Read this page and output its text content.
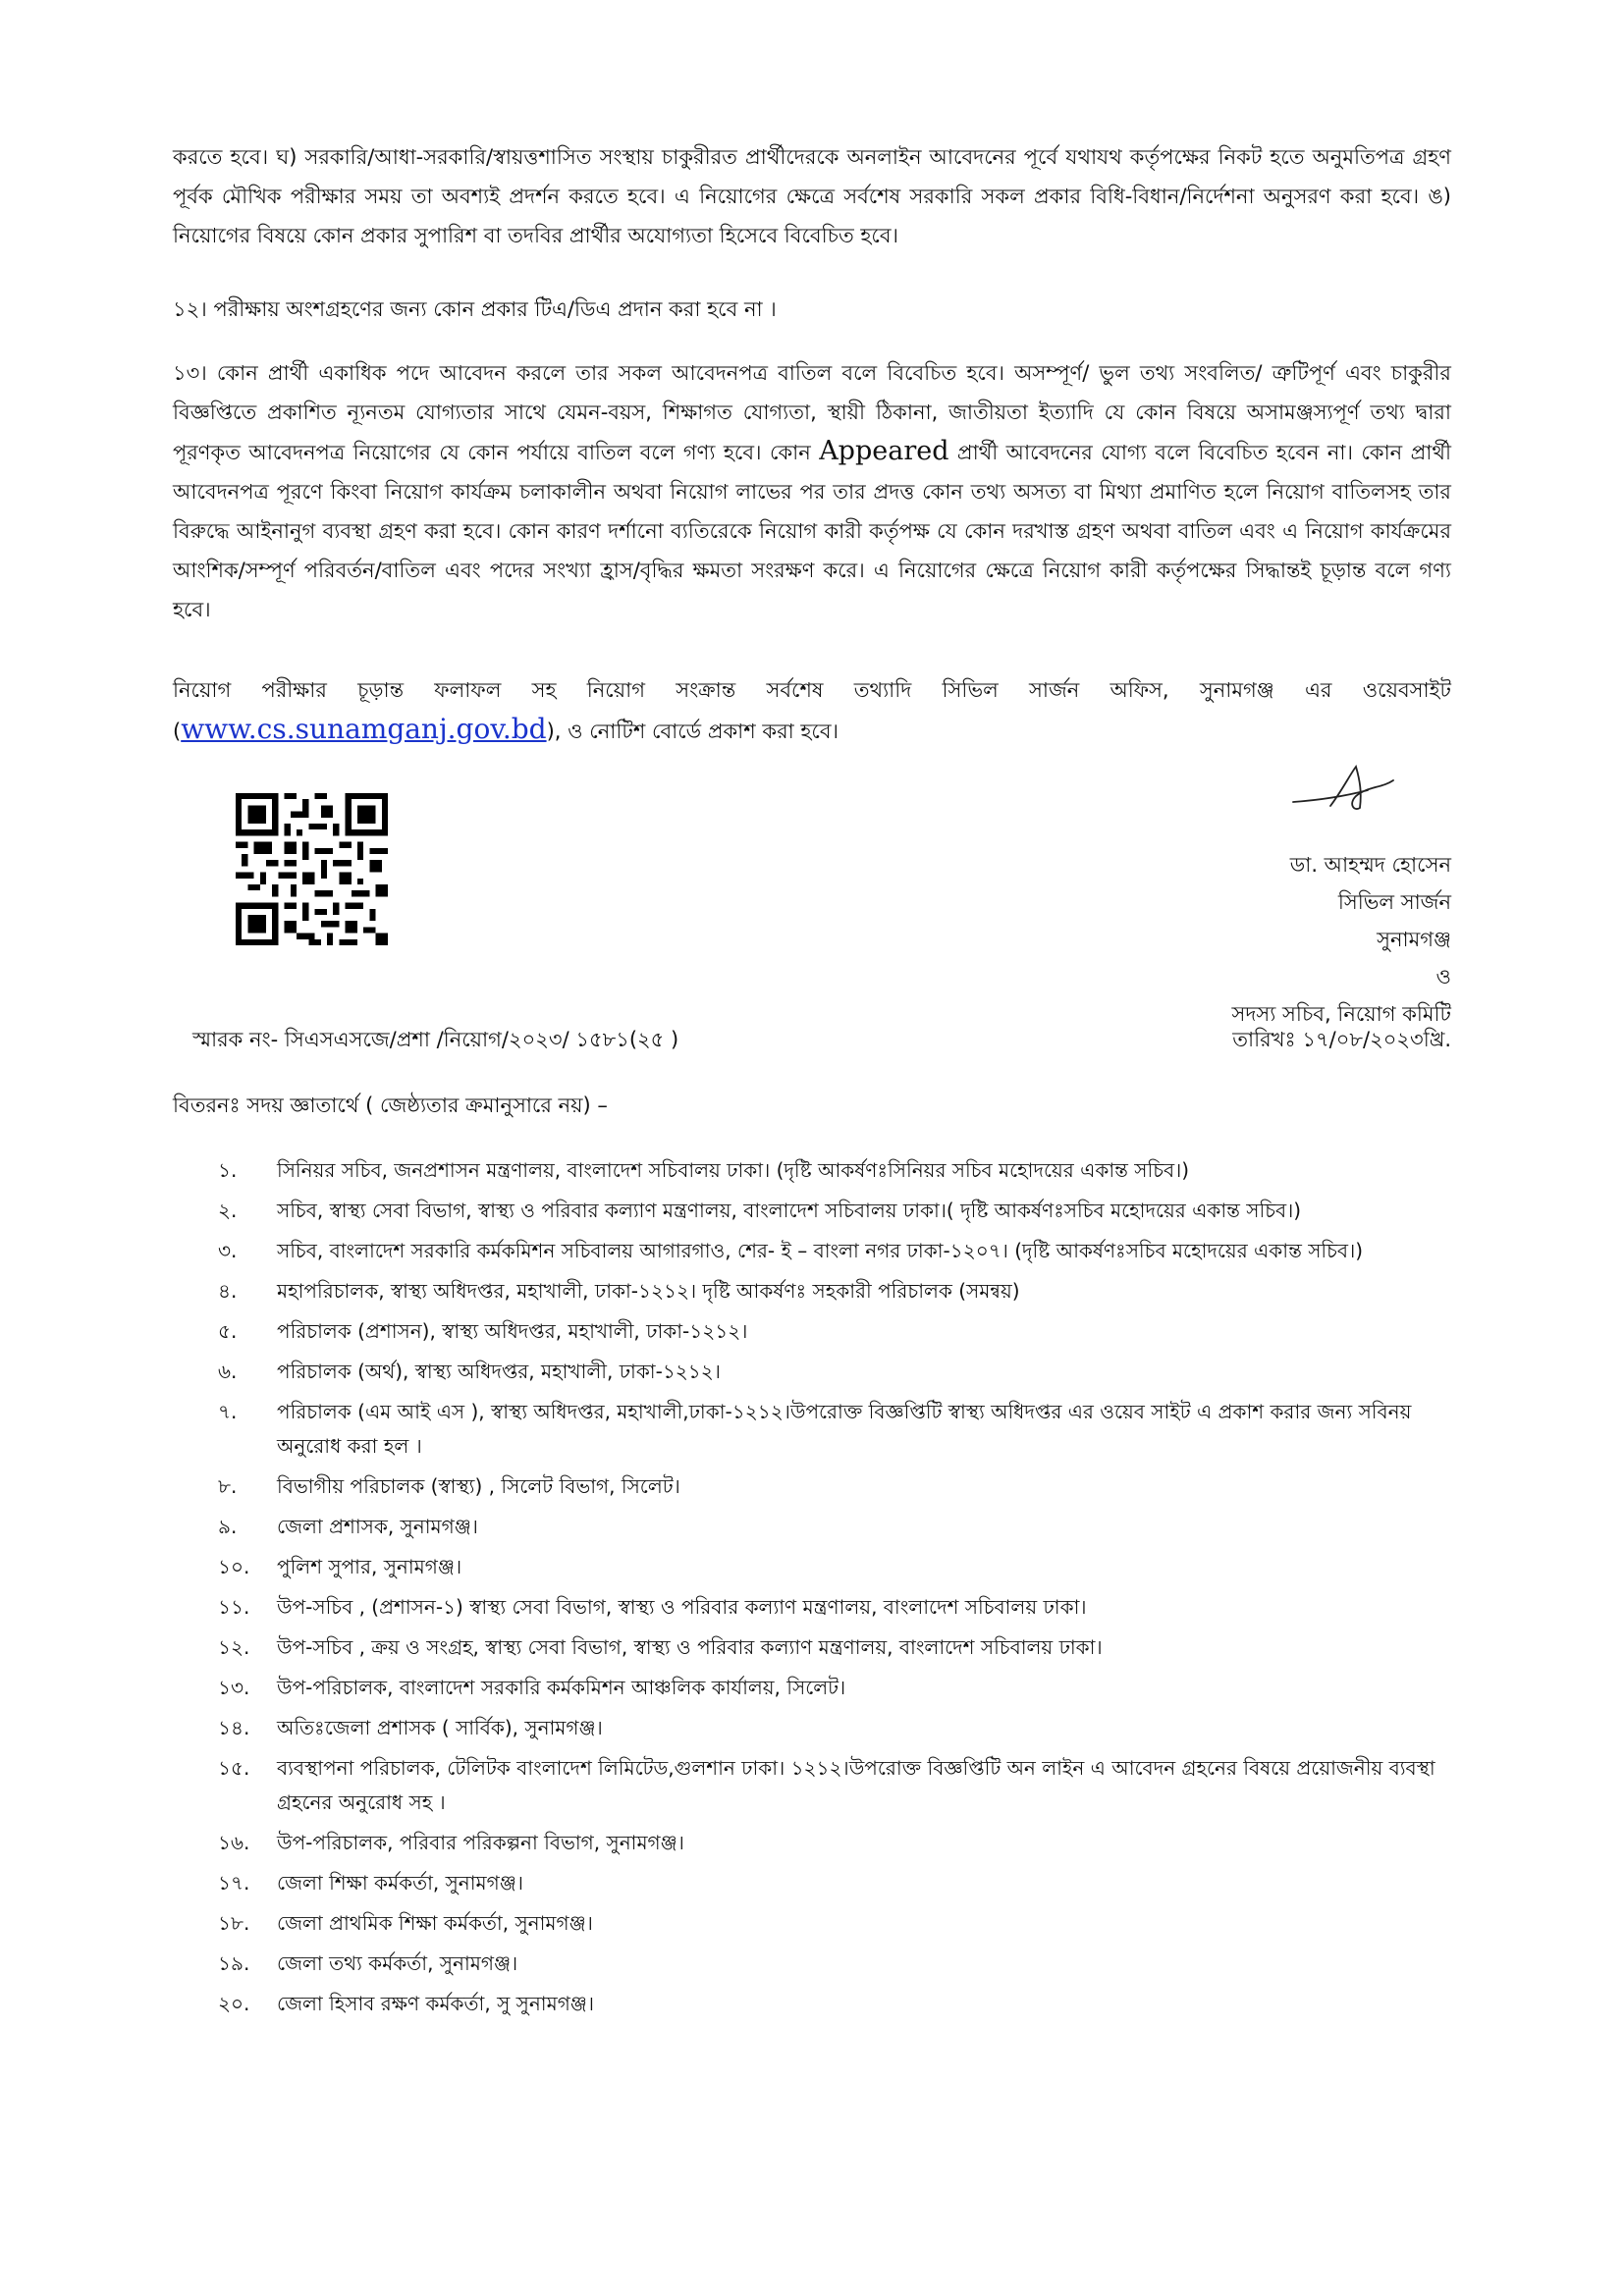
করতে হবে। ঘ) সরকারি/আধা-সরকারি/স্বায়ত্তশাসিত সংস্থায় চাকুরীরত প্রার্থীদেরকে অনলাইন আবেদনের পূর্বে যথাযথ কর্তৃপক্ষের নিকট হতে অনুমতিপত্র গ্রহণ পূর্বক মৌখিক পরীক্ষার সময় তা অবশ্যই প্রদর্শন করতে হবে। এ নিয়োগের ক্ষেত্রে সর্বশেষ সরকারি সকল প্রকার বিধি-বিধান/নির্দেশনা অনুসরণ করা হবে। ঙ) নিয়োগের বিষয়ে কোন প্রকার সুপারিশ বা তদবির প্রার্থীর অযোগ্যতা হিসেবে বিবেচিত হবে।

১২। পরীক্ষায় অংশগ্রহণের জন্য কোন প্রকার টিএ/ডিএ প্রদান করা হবে না ।

১৩। কোন প্রার্থী একাধিক পদে আবেদন করলে তার সকল আবেদনপত্র বাতিল বলে বিবেচিত হবে। অসম্পূর্ণ/ ভুল তথ্য সংবলিত/ ত্রুটিপূর্ণ এবং চাকুরীর বিজ্ঞপ্তিতে প্রকাশিত ন্যূনতম যোগ্যতার সাথে যেমন-বয়স, শিক্ষাগত যোগ্যতা, স্থায়ী ঠিকানা, জাতীয়তা ইত্যাদি যে কোন বিষয়ে অসামঞ্জস্যপূর্ণ তথ্য দ্বারা পূরণকৃত আবেদনপত্র নিয়োগের যে কোন পর্যায়ে বাতিল বলে গণ্য হবে। কোন Appeared প্রার্থী আবেদনের যোগ্য বলে বিবেচিত হবেন না। কোন প্রার্থী আবেদনপত্র পূরণে কিংবা নিয়োগ কার্যক্রম চলাকালীন অথবা নিয়োগ লাভের পর তার প্রদত্ত কোন তথ্য অসত্য বা মিথ্যা প্রমাণিত হলে নিয়োগ বাতিলসহ তার বিরুদ্ধে আইনানুগ ব্যবস্থা গ্রহণ করা হবে। কোন কারণ দর্শানো ব্যতিরেকে নিয়োগ কারী কর্তৃপক্ষ যে কোন দরখাস্ত গ্রহণ অথবা বাতিল এবং এ নিয়োগ কার্যক্রমের আংশিক/সম্পূর্ণ পরিবর্তন/বাতিল এবং পদের সংখ্যা হ্রাস/বৃদ্ধির ক্ষমতা সংরক্ষণ করে। এ নিয়োগের ক্ষেত্রে নিয়োগ কারী কর্তৃপক্ষের সিদ্ধান্তই চূড়ান্ত বলে গণ্য হবে।

নিয়োগ পরীক্ষার চূড়ান্ত ফলাফল সহ নিয়োগ সংক্রান্ত সর্বশেষ তথ্যাদি সিভিল সার্জন অফিস, সুনামগঞ্জ এর ওয়েবসাইট (www.cs.sunamganj.gov.bd), ও নোটিশ বোর্ডে প্রকাশ করা হবে।

ডা. আহম্মদ হোসেন
সিভিল সার্জন
সুনামগঞ্জ
ও
সদস্য সচিব, নিয়োগ কমিটি
স্মারক নং- সিএসএসজে/প্রশা /নিয়োগ/২০২৩/ ১৫৮১(২৫ )	তারিখঃ ১৭/০৮/২০২৩খ্রি.
বিতরনঃ সদয় জ্ঞাতার্থে ( জেষ্ঠ্যতার ক্রমানুসারে নয়) –
১.	সিনিয়র সচিব, জনপ্রশাসন মন্ত্রণালয়, বাংলাদেশ সচিবালয় ঢাকা। (দৃষ্টি আকর্ষণঃসিনিয়র সচিব মহোদয়ের একান্ত সচিব।)
২.	সচিব, স্বাস্থ্য সেবা বিভাগ, স্বাস্থ্য ও পরিবার কল্যাণ মন্ত্রণালয়, বাংলাদেশ সচিবালয় ঢাকা।( দৃষ্টি আকর্ষণঃসচিব মহোদয়ের একান্ত সচিব।)
৩.	সচিব, বাংলাদেশ সরকারি কর্মকমিশন সচিবালয় আগারগাও, শের- ই – বাংলা নগর ঢাকা-১২০৭। (দৃষ্টি আকর্ষণঃসচিব মহোদয়ের একান্ত সচিব।)
৪.	মহাপরিচালক, স্বাস্থ্য অধিদপ্তর, মহাখালী, ঢাকা-১২১২। দৃষ্টি আকর্ষণঃ সহকারী পরিচালক (সমন্বয়)
৫.	পরিচালক (প্রশাসন), স্বাস্থ্য অধিদপ্তর, মহাখালী, ঢাকা-১২১২।
৬.	পরিচালক (অর্থ), স্বাস্থ্য অধিদপ্তর, মহাখালী, ঢাকা-১২১২।
৭.	পরিচালক (এম আই এস ), স্বাস্থ্য অধিদপ্তর, মহাখালী,ঢাকা-১২১২।উপরোক্ত বিজ্ঞপ্তিটি স্বাস্থ্য অধিদপ্তর এর ওয়েব সাইট এ প্রকাশ করার জন্য সবিনয় অনুরোধ করা হল ।
৮.	বিভাগীয় পরিচালক (স্বাস্থ্য) , সিলেট বিভাগ, সিলেট।
৯.	জেলা প্রশাসক, সুনামগঞ্জ।
১০.	পুলিশ সুপার, সুনামগঞ্জ।
১১.	উপ-সচিব , (প্রশাসন-১) স্বাস্থ্য সেবা বিভাগ, স্বাস্থ্য ও পরিবার কল্যাণ মন্ত্রণালয়, বাংলাদেশ সচিবালয় ঢাকা।
১২.	উপ-সচিব , ক্রয় ও সংগ্রহ, স্বাস্থ্য সেবা বিভাগ, স্বাস্থ্য ও পরিবার কল্যাণ মন্ত্রণালয়, বাংলাদেশ সচিবালয় ঢাকা।
১৩.	উপ-পরিচালক, বাংলাদেশ সরকারি কর্মকমিশন আঞ্চলিক কার্যালয়, সিলেট।
১৪.	অতিঃজেলা প্রশাসক ( সার্বিক), সুনামগঞ্জ।
১৫.	ব্যবস্থাপনা পরিচালক, টেলিটক বাংলাদেশ লিমিটেড,গুলশান ঢাকা। ১২১২।উপরোক্ত বিজ্ঞপ্তিটি অন লাইন এ আবেদন গ্রহনের বিষয়ে প্রয়োজনীয় ব্যবস্থা গ্রহনের অনুরোধ সহ ।
১৬.	উপ-পরিচালক, পরিবার পরিকল্পনা বিভাগ, সুনামগঞ্জ।
১৭.	জেলা শিক্ষা কর্মকর্তা, সুনামগঞ্জ।
১৮.	জেলা প্রাথমিক শিক্ষা কর্মকর্তা, সুনামগঞ্জ।
১৯.	জেলা তথ্য কর্মকর্তা, সুনামগঞ্জ।
২০.	জেলা হিসাব রক্ষণ কর্মকর্তা, সু সুনামগঞ্জ।
